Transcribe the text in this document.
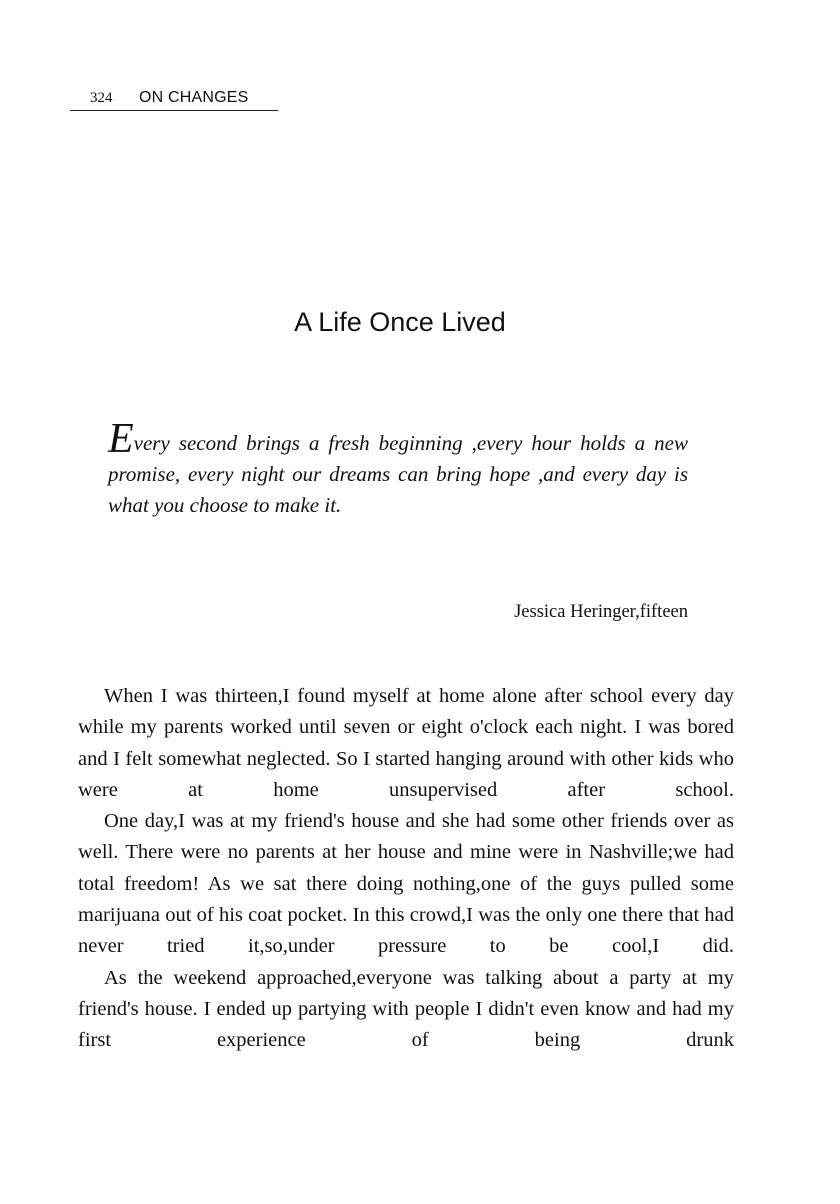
324 ON CHANGES
A Life Once Lived

Every second brings a fresh beginning ,every hour holds a new promise, every night our dreams can bring hope ,and every day is what you choose to make it.

Jessica Heringer,fifteen

When I was thirteen,I found myself at home alone after school every day while my parents worked until seven or eight o'clock each night. I was bored and I felt somewhat neglected. So I started hanging around with other kids who were at home unsupervised after school.

One day,I was at my friend's house and she had some other friends over as well. There were no parents at her house and mine were in Nashville;we had total freedom! As we sat there doing nothing,one of the guys pulled some marijuana out of his coat pocket. In this crowd,I was the only one there that had never tried it,so,under pressure to be cool,I did.

As the weekend approached,everyone was talking about a party at my friend's house. I ended up partying with people I didn't even know and had my first experience of being drunk
